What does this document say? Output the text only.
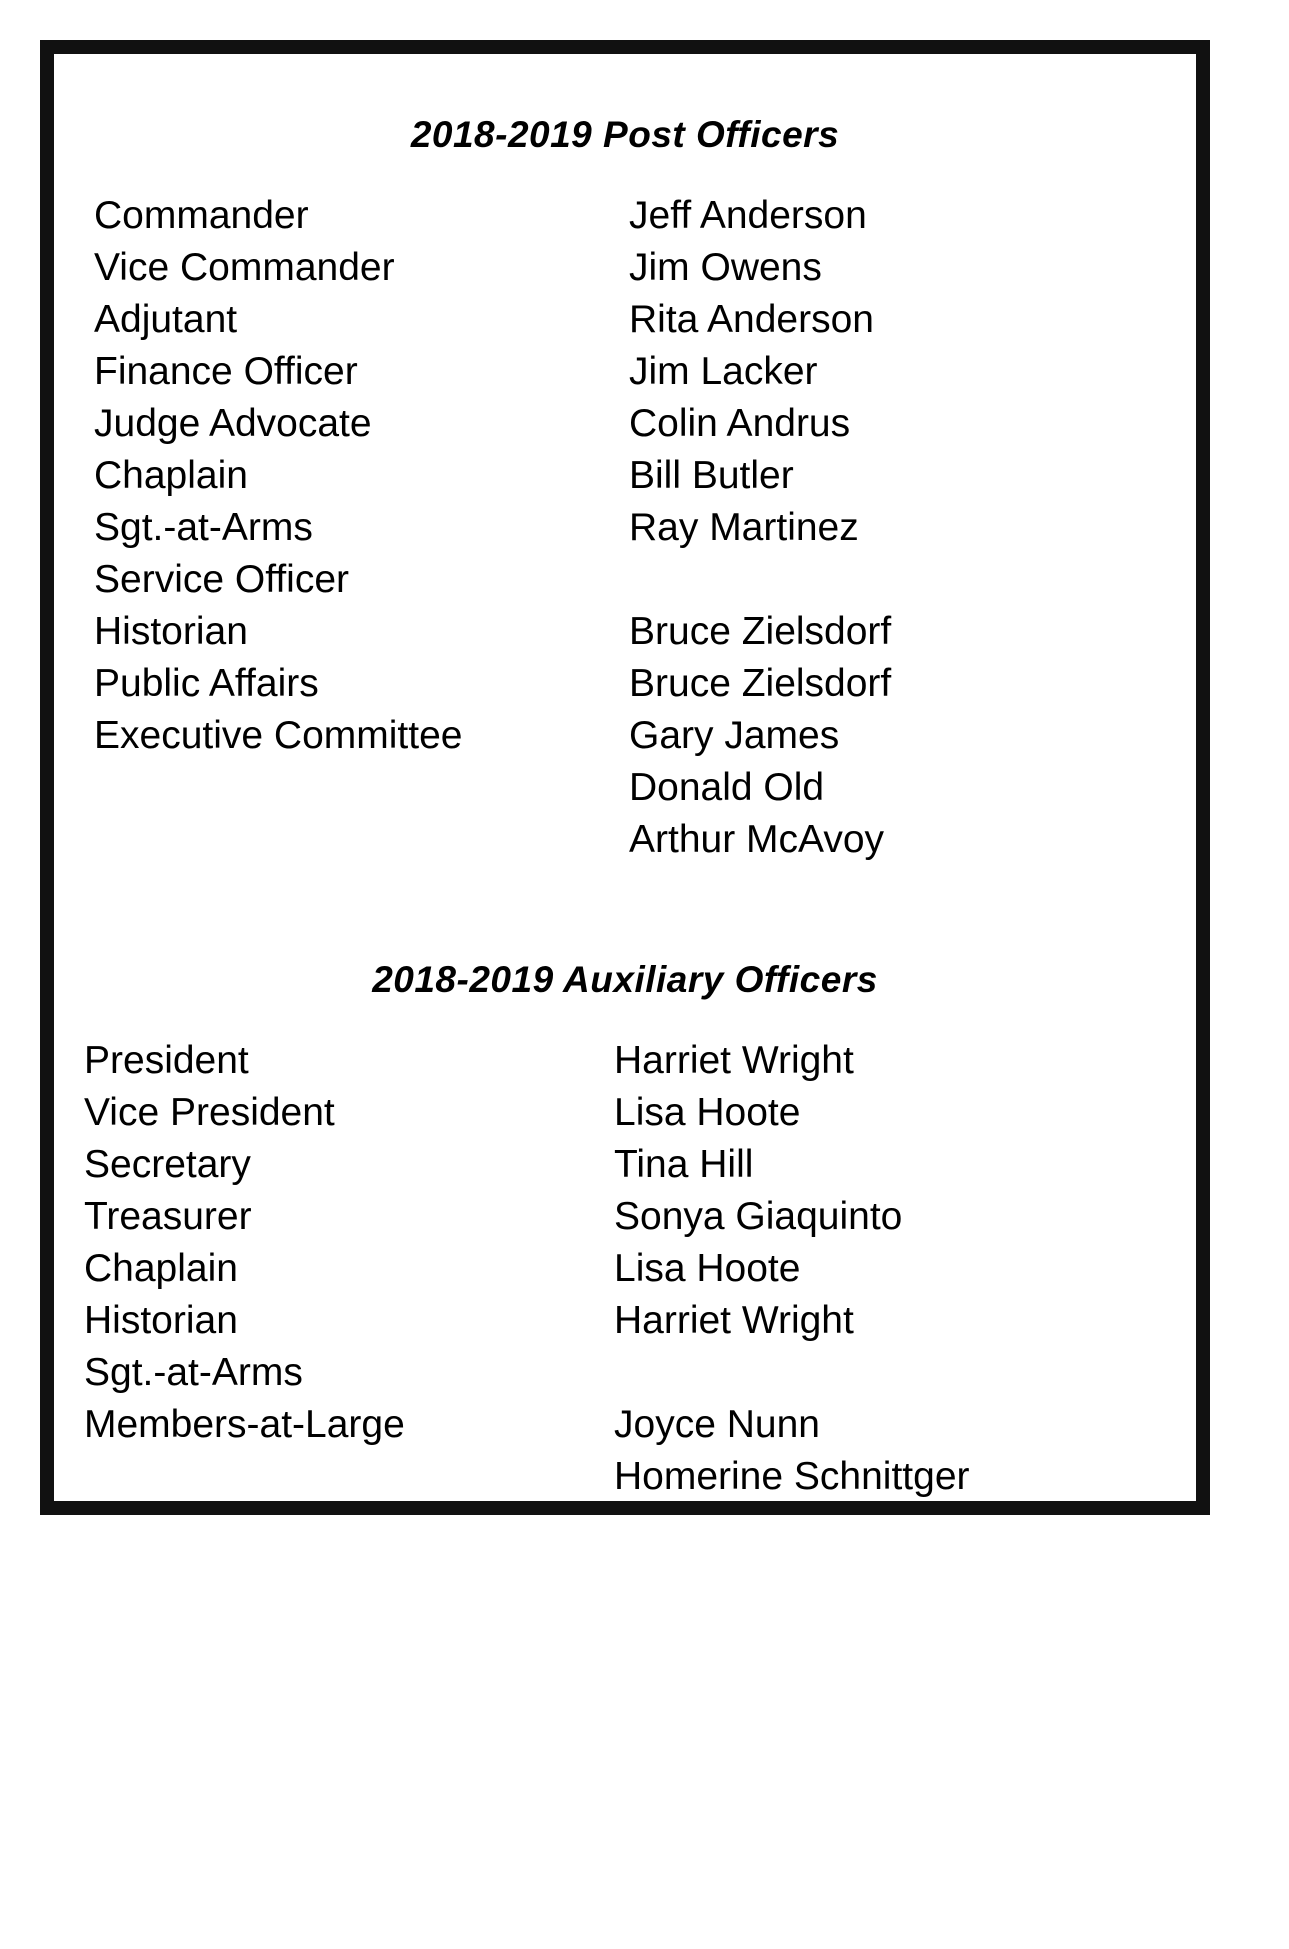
2018-2019 Post Officers
Commander	Jeff Anderson
Vice Commander	Jim Owens
Adjutant	Rita Anderson
Finance Officer	Jim Lacker
Judge Advocate	Colin Andrus
Chaplain	Bill Butler
Sgt.-at-Arms	Ray Martinez
Service Officer
Historian	Bruce Zielsdorf
Public Affairs	Bruce Zielsdorf
Executive Committee	Gary James
Donald Old
Arthur McAvoy
2018-2019 Auxiliary Officers
President	Harriet Wright
Vice President	Lisa Hoote
Secretary	Tina Hill
Treasurer	Sonya Giaquinto
Chaplain	Lisa Hoote
Historian	Harriet Wright
Sgt.-at-Arms
Members-at-Large	Joyce Nunn
Homerine Schnittger
